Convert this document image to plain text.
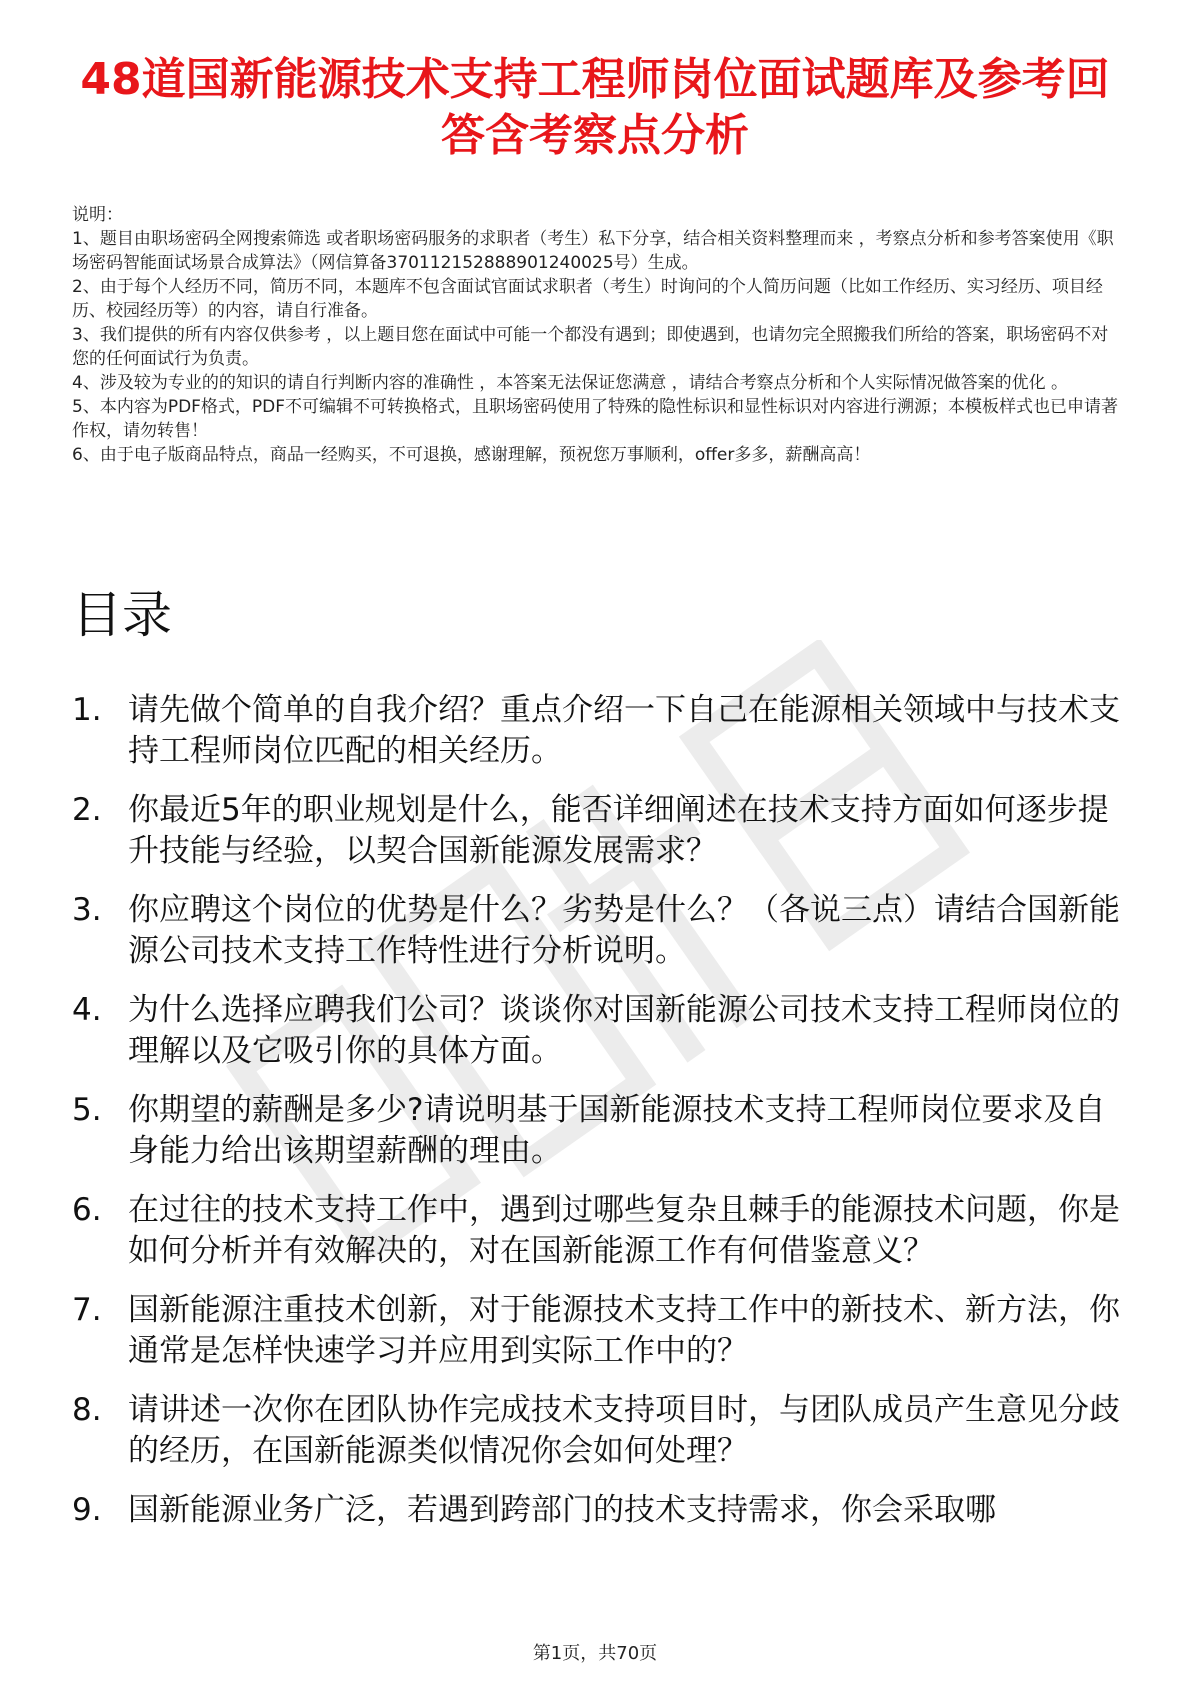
48道国新能源技术支持工程师岗位面试题库及参考回答含考察点分析

说明：

1、题目由职场密码全网搜索筛选 或者职场密码服务的求职者（考生）私下分享，结合相关资料整理而来 ，考察点分析和参考答案使用《职场密码智能面试场景合成算法》（网信算备370112152888901240025号）生成。

2、由于每个人经历不同，简历不同，本题库不包含面试官面试求职者（考生）时询问的个人简历问题（比如工作经历、实习经历、项目经历、校园经历等）的内容，请自行准备。

3、我们提供的所有内容仅供参考 ，以上题目您在面试中可能一个都没有遇到；即使遇到，也请勿完全照搬我们所给的答案，职场密码不对您的任何面试行为负责。

4、涉及较为专业的的知识的请自行判断内容的准确性 ，本答案无法保证您满意 ，请结合考察点分析和个人实际情况做答案的优化 。

5、本内容为PDF格式，PDF不可编辑不可转换格式，且职场密码使用了特殊的隐性标识和显性标识对内容进行溯源；本模板样式也已申请著作权，请勿转售！

6、由于电子版商品特点，商品一经购买，不可退换，感谢理解，预祝您万事顺利，offer多多，薪酬高高！

目录
1. 请先做个简单的自我介绍？重点介绍一下自己在能源相关领域中与技术支持工程师岗位匹配的相关经历。
2. 你最近5年的职业规划是什么，能否详细阐述在技术支持方面如何逐步提升技能与经验，以契合国新能源发展需求？
3. 你应聘这个岗位的优势是什么？劣势是什么？（各说三点）请结合国新能源公司技术支持工作特性进行分析说明。
4. 为什么选择应聘我们公司？谈谈你对国新能源公司技术支持工程师岗位的理解以及它吸引你的具体方面。
5. 你期望的薪酬是多少?请说明基于国新能源技术支持工程师岗位要求及自身能力给出该期望薪酬的理由。
6. 在过往的技术支持工作中，遇到过哪些复杂且棘手的能源技术问题，你是如何分析并有效解决的，对在国新能源工作有何借鉴意义？
7. 国新能源注重技术创新，对于能源技术支持工作中的新技术、新方法，你通常是怎样快速学习并应用到实际工作中的？
8. 请讲述一次你在团队协作完成技术支持项目时，与团队成员产生意见分歧的经历，在国新能源类似情况你会如何处理？
9. 国新能源业务广泛，若遇到跨部门的技术支持需求，你会采取哪
第1页，共70页
